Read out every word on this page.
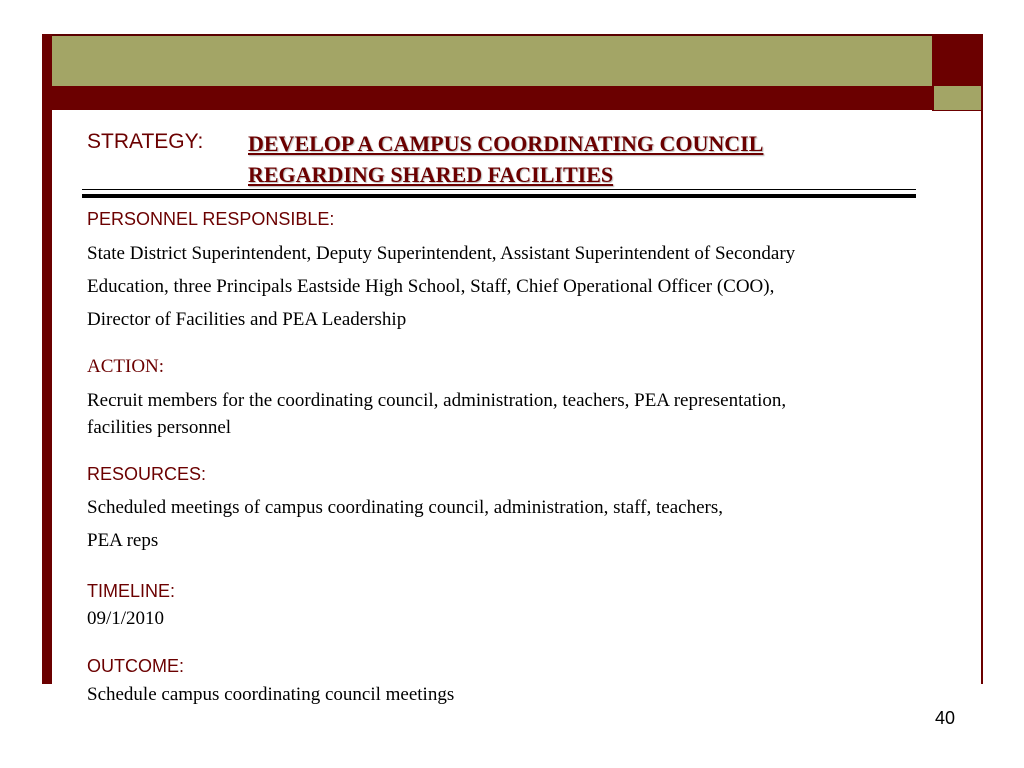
STRATEGY: DEVELOP A CAMPUS COORDINATING COUNCIL
REGARDING SHARED FACILITIES
PERSONNEL RESPONSIBLE:
State District Superintendent, Deputy Superintendent, Assistant Superintendent of Secondary
Education, three Principals Eastside High School, Staff, Chief Operational Officer (COO),
Director of Facilities and PEA Leadership
ACTION:
Recruit members for the coordinating council, administration, teachers, PEA representation,
facilities personnel
RESOURCES:
Scheduled meetings of campus coordinating council, administration, staff, teachers,
PEA reps
TIMELINE:
09/1/2010
OUTCOME:
Schedule campus coordinating council meetings
40
